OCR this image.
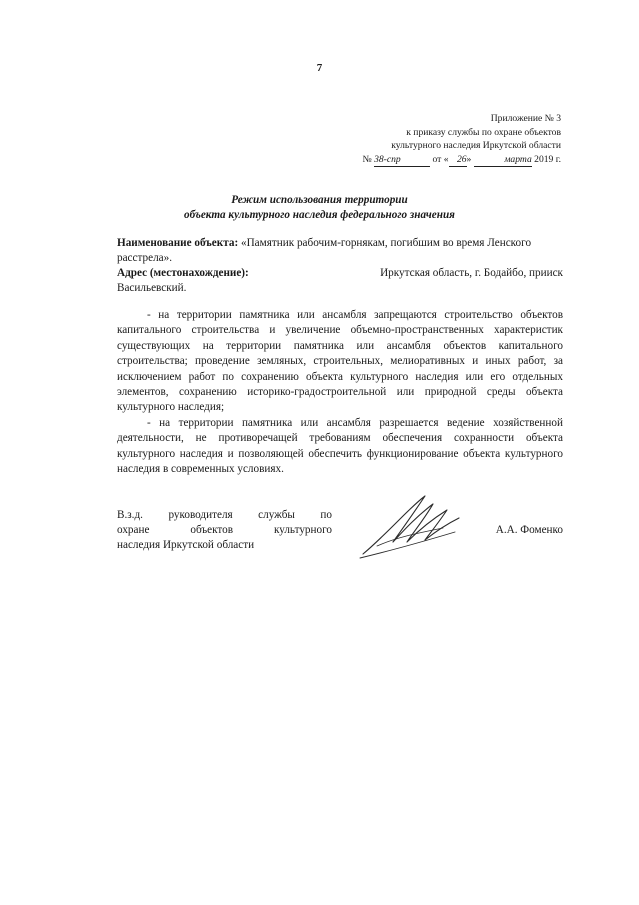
7
Приложение № 3
к приказу службы по охране объектов
культурного наследия Иркутской области
№ 38-спр	от « 26»	марта 2019 г.
Режим использования территории
объекта культурного наследия федерального значения
Наименование объекта: «Памятник рабочим-горнякам, погибшим во время Ленского расстрела».
Адрес (местонахождение):	Иркутская область, г. Бодайбо, прииск
Васильевский.

- на территории памятника или ансамбля запрещаются строительство объектов капитального строительства и увеличение объемно-пространственных характеристик существующих на территории памятника или ансамбля объектов капитального строительства; проведение земляных, строительных, мелиоративных и иных работ, за исключением работ по сохранению объекта культурного наследия или его отдельных элементов, сохранению историко-градостроительной или природной среды объекта культурного наследия;

- на территории памятника или ансамбля разрешается ведение хозяйственной деятельности, не противоречащей требованиям обеспечения сохранности объекта культурного наследия и позволяющей обеспечить функционирование объекта культурного наследия в современных условиях.

В.з.д. руководителя службы по
охране объектов культурного
наследия Иркутской области
А.А. Фоменко
